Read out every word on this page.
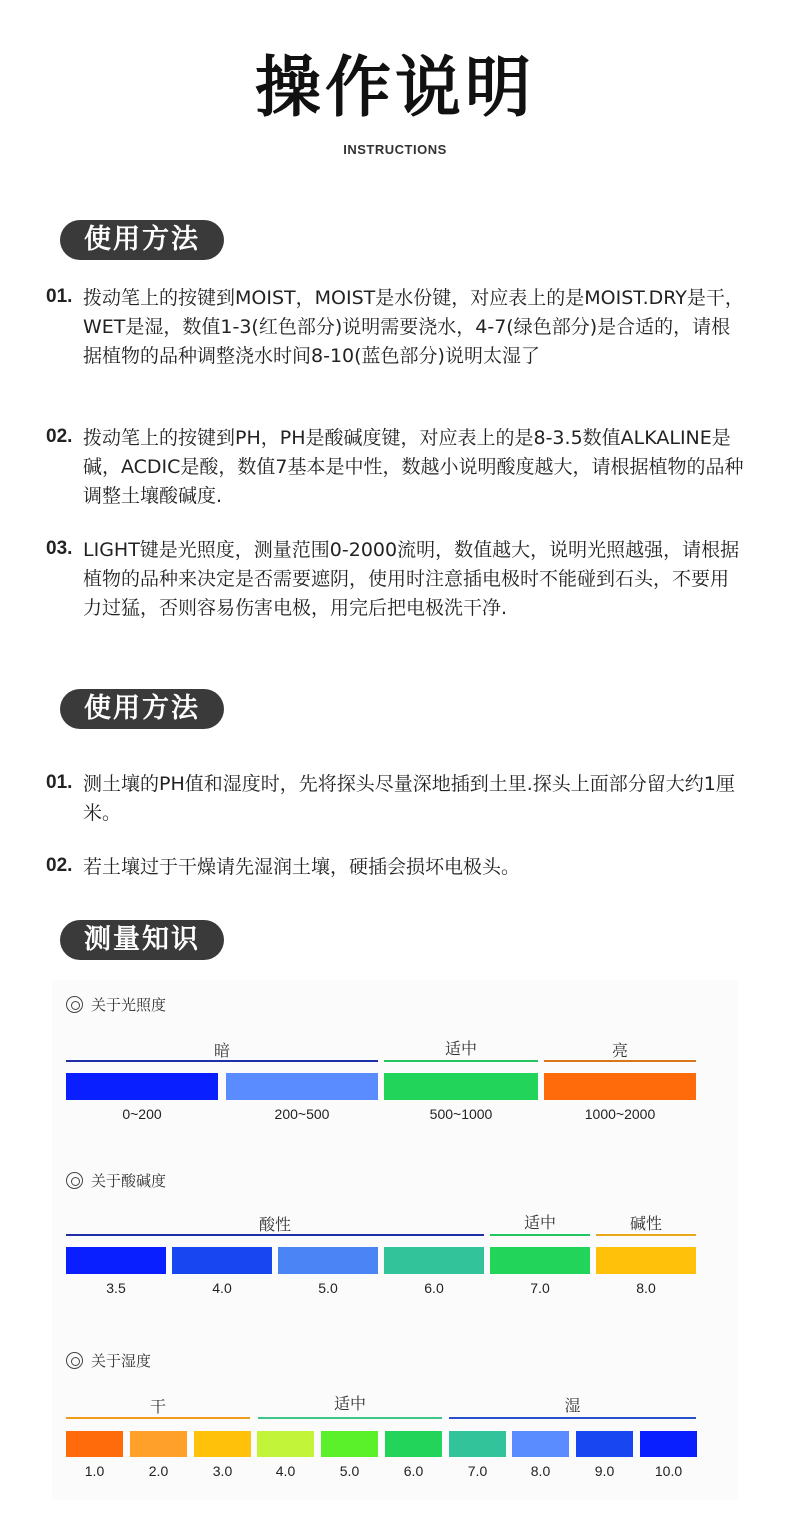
操作说明
INSTRUCTIONS
使用方法
01. 拨动笔上的按键到MOIST，MOIST是水份键，对应表上的是MOIST.DRY是干，WET是湿，数值1-3(红色部分)说明需要浇水，4-7(绿色部分)是合适的，请根据植物的品种调整浇水时间8-10(蓝色部分)说明太湿了
02. 拨动笔上的按键到PH，PH是酸碱度键，对应表上的是8-3.5数值ALKALINE是碱，ACDIC是酸，数值7基本是中性，数越小说明酸度越大，请根据植物的品种调整土壤酸碱度.
03. LIGHT键是光照度，测量范围0-2000流明，数值越大，说明光照越强，请根据植物的品种来决定是否需要遮阴，使用时注意插电极时不能碰到石头，不要用力过猛，否则容易伤害电极，用完后把电极洗干净.
使用方法
01. 测土壤的PH值和湿度时，先将探头尽量深地插到土里.探头上面部分留大约1厘米。
02. 若土壤过于干燥请先湿润土壤，硬插会损坏电极头。
测量知识
关于光照度
暗	适中	亮
0~200	200~500	500~1000	1000~2000
关于酸碱度
酸性	适中	碱性
3.5	4.0	5.0	6.0	7.0	8.0
关于湿度
干	适中	湿
1.0	2.0	3.0	4.0	5.0	6.0	7.0	8.0	9.0	10.0
